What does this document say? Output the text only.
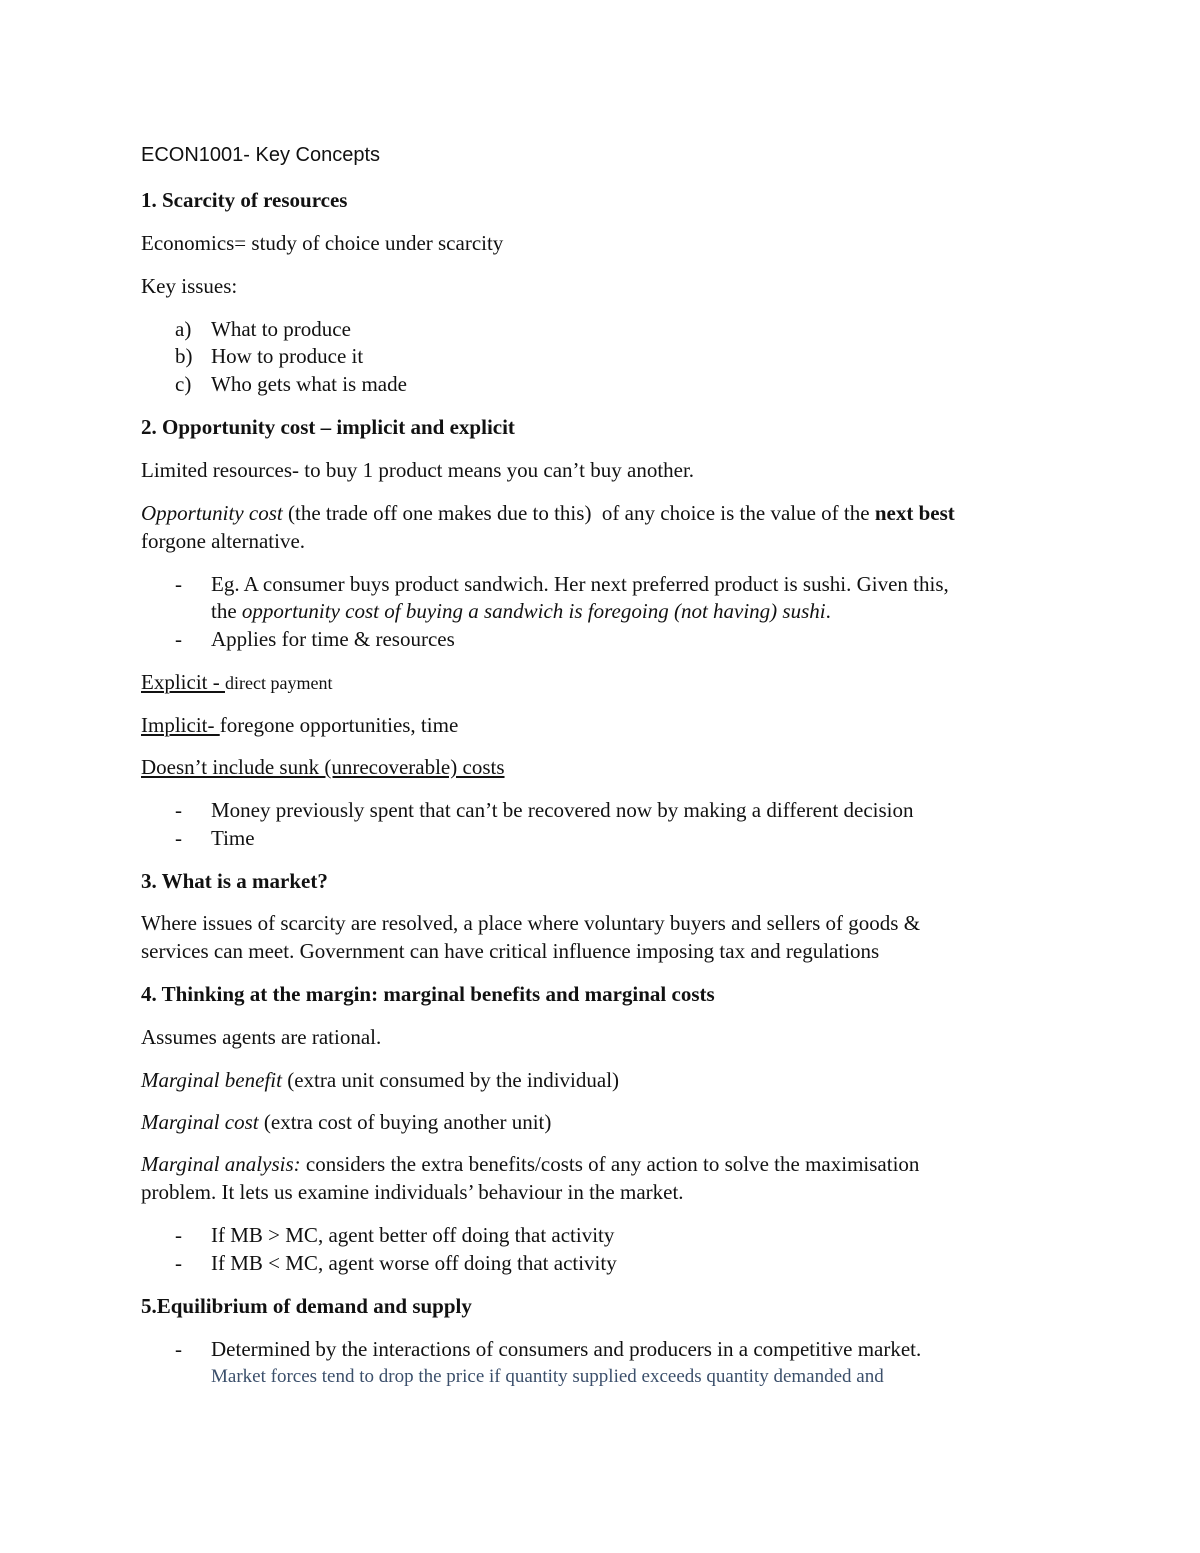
ECON1001- Key Concepts
1. Scarcity of resources
Economics= study of choice under scarcity
Key issues:
a) What to produce
b) How to produce it
c) Who gets what is made
2. Opportunity cost – implicit and explicit
Limited resources- to buy 1 product means you can’t buy another.
Opportunity cost (the trade off one makes due to this)  of any choice is the value of the next best
forgone alternative.
- Eg. A consumer buys product sandwich. Her next preferred product is sushi. Given this,
the opportunity cost of buying a sandwich is foregoing (not having) sushi.
- Applies for time & resources
Explicit - direct payment
Implicit- foregone opportunities, time
Doesn’t include sunk (unrecoverable) costs
- Money previously spent that can’t be recovered now by making a different decision
- Time
3. What is a market?
Where issues of scarcity are resolved, a place where voluntary buyers and sellers of goods &
services can meet. Government can have critical influence imposing tax and regulations
4. Thinking at the margin: marginal benefits and marginal costs
Assumes agents are rational.
Marginal benefit (extra unit consumed by the individual)
Marginal cost (extra cost of buying another unit)
Marginal analysis: considers the extra benefits/costs of any action to solve the maximisation
problem. It lets us examine individuals’ behaviour in the market.
- If MB > MC, agent better off doing that activity
- If MB < MC, agent worse off doing that activity
5.Equilibrium of demand and supply
- Determined by the interactions of consumers and producers in a competitive market.
Market forces tend to drop the price if quantity supplied exceeds quantity demanded and
